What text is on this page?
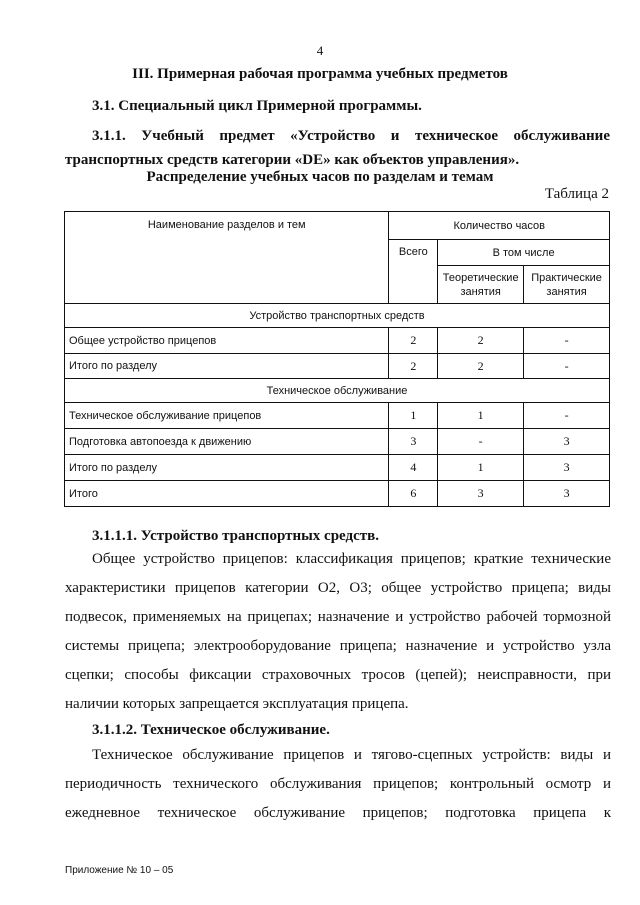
4
III. Примерная рабочая программа учебных предметов
3.1. Специальный цикл Примерной программы.
3.1.1. Учебный предмет «Устройство и техническое обслуживание
транспортных средств категории «DE» как объектов управления».
Распределение учебных часов по разделам и темам
Таблица 2
Наименование разделов и тем	Количество часов		
	Всего	В том числе	
		Теоретические занятия	Практические занятия
Устройство транспортных средств			
Общее устройство прицепов	2	2	-
Итого по разделу	2	2	-
Техническое обслуживание			
Техническое обслуживание прицепов	1	1	-
Подготовка автопоезда к движению	3	-	3
Итого по разделу	4	1	3
Итого	6	3	3
3.1.1.1. Устройство транспортных средств.
Общее устройство прицепов: классификация прицепов; краткие технические
характеристики прицепов категории О2, О3; общее устройство прицепа; виды
подвесок, применяемых на прицепах; назначение и устройство рабочей тормозной
системы прицепа; электрооборудование прицепа; назначение и устройство узла
сцепки; способы фиксации страховочных тросов (цепей); неисправности, при
наличии которых запрещается эксплуатация прицепа.
3.1.1.2. Техническое обслуживание.
Техническое обслуживание прицепов и тягово-сцепных устройств: виды и
периодичность технического обслуживания прицепов; контрольный осмотр и
ежедневное техническое обслуживание прицепов; подготовка прицепа к
Приложение № 10 – 05
